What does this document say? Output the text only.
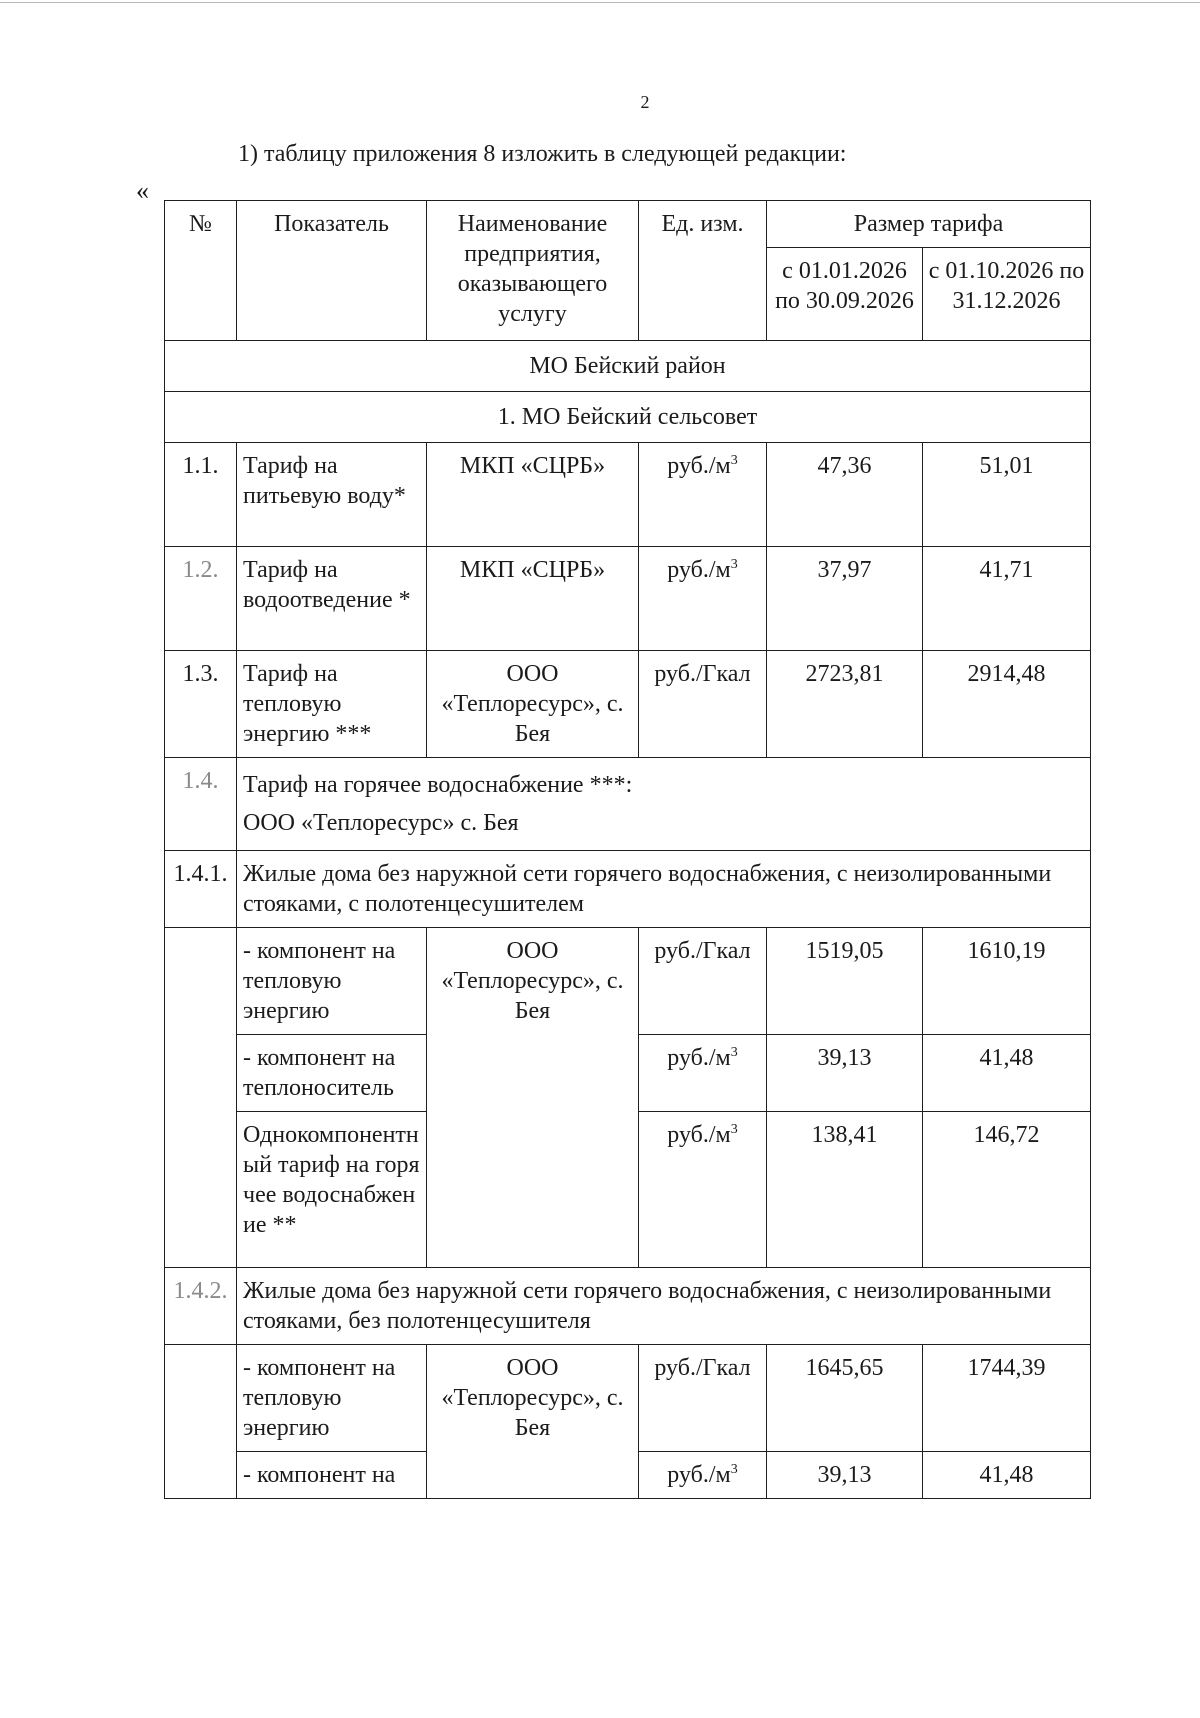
2
1) таблицу приложения 8 изложить в следующей редакции:
«
№	Показатель	Наименование предприятия, оказывающего услугу	Ед. изм.	Размер тарифа	
				с 01.01.2026 по 30.09.2026	с 01.10.2026 по 31.12.2026
МО Бейский район					
1. МО Бейский сельсовет					
1.1.	Тариф на питьевую воду*	МКП «СЦРБ»	$руб./м^3$	47,36	51,01
1.2.	Тариф на водоотведение *	МКП «СЦРБ»	$руб./м^3$	37,97	41,71
1.3.	Тариф на тепловую энергию ***	ООО «Теплоресурс», с. Бея	руб./Гкал	2723,81	2914,48
1.4.	Тариф на горячее водоснабжение ***:
ООО «Теплоресурс» с. Бея				

1.4.1.	Жилые дома без наружной сети горячего водоснабжения, с неизолированными стояками, с полотенцесушителем				
	- компонент на тепловую энергию	ООО «Теплоресурс», с. Бея	руб./Гкал	1519,05	1610,19
	- компонент на теплоноситель		$руб./м^3$	39,13	41,48
	Однокомпонентный тариф на горячее водоснабжение **		$руб./м^3$	138,41	146,72
1.4.2.	Жилые дома без наружной сети горячего водоснабжения, с неизолированными стояками, без полотенцесушителя				
	- компонент на тепловую энергию	ООО «Теплоресурс», с. Бея	руб./Гкал	1645,65	1744,39
	- компонент на		$руб./м^3$	39,13	41,48
